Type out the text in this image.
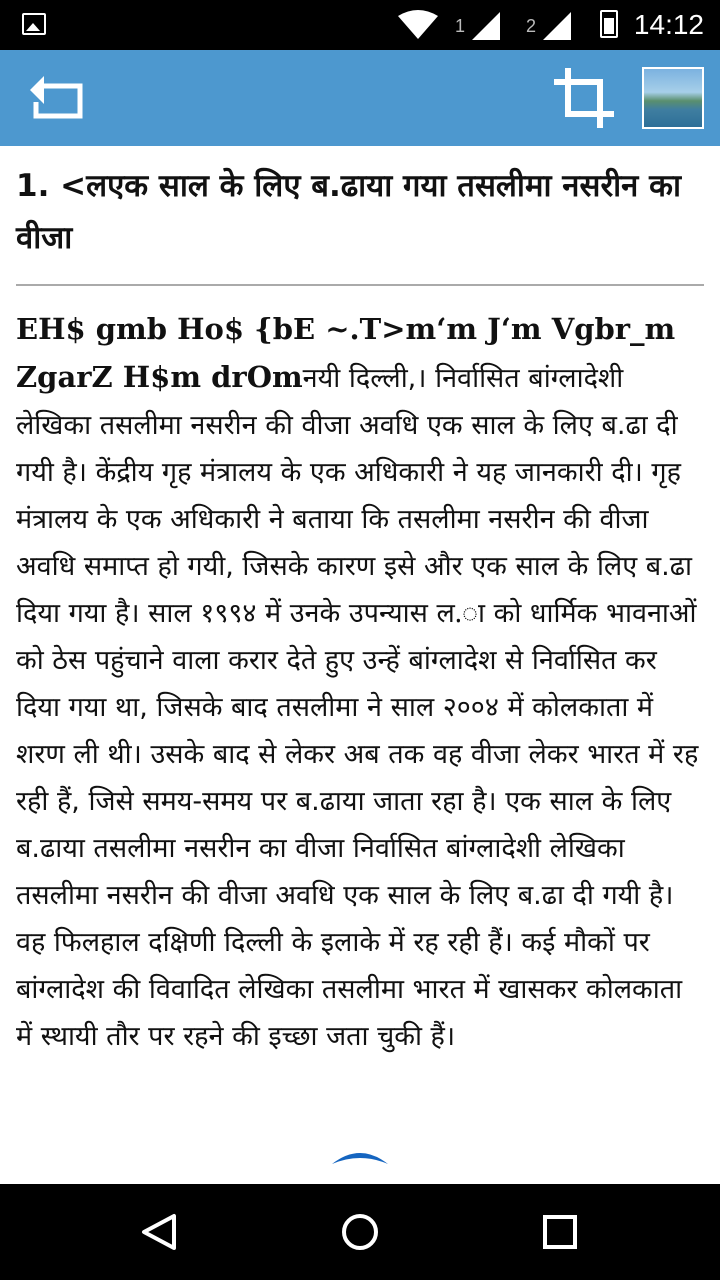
1	2	14:12
1. <लएक साल के लिए ब.ढाया गया तसलीमा नसरीन का वीजा

EH$ gmb Ho$ {bE ~.T>m‘m J‘m Vgbr_m ZgarZ H$m drOmनयी दिल्ली,। निर्वासित बांग्लादेशी लेखिका तसलीमा नसरीन की वीजा अवधि एक साल के लिए ब.ढा दी गयी है। केंद्रीय गृह मंत्रालय के एक अधिकारी ने यह जानकारी दी। गृह मंत्रालय के एक अधिकारी ने बताया कि तसलीमा नसरीन की वीजा अवधि समाप्त हो गयी, जिसके कारण इसे और एक साल के लिए ब.ढा दिया गया है। साल १९९४ में उनके उपन्यास ल.ा को धार्मिक भावनाओं को ठेस पहुंचाने वाला करार देते हुए उन्हें बांग्लादेश से निर्वासित कर दिया गया था, जिसके बाद तसलीमा ने साल २००४ में कोलकाता में शरण ली थी। उसके बाद से लेकर अब तक वह वीजा लेकर भारत में रह रही हैं, जिसे समय-समय पर ब.ढाया जाता रहा है। एक साल के लिए ब.ढाया तसलीमा नसरीन का वीजा निर्वासित बांग्लादेशी लेखिका तसलीमा नसरीन की वीजा अवधि एक साल के लिए ब.ढा दी गयी है। वह फिलहाल दक्षिणी दिल्ली के इलाके में रह रही हैं। कई मौकों पर बांग्लादेश की विवादित लेखिका तसलीमा भारत में खासकर कोलकाता में स्थायी तौर पर रहने की इच्छा जता चुकी हैं।
